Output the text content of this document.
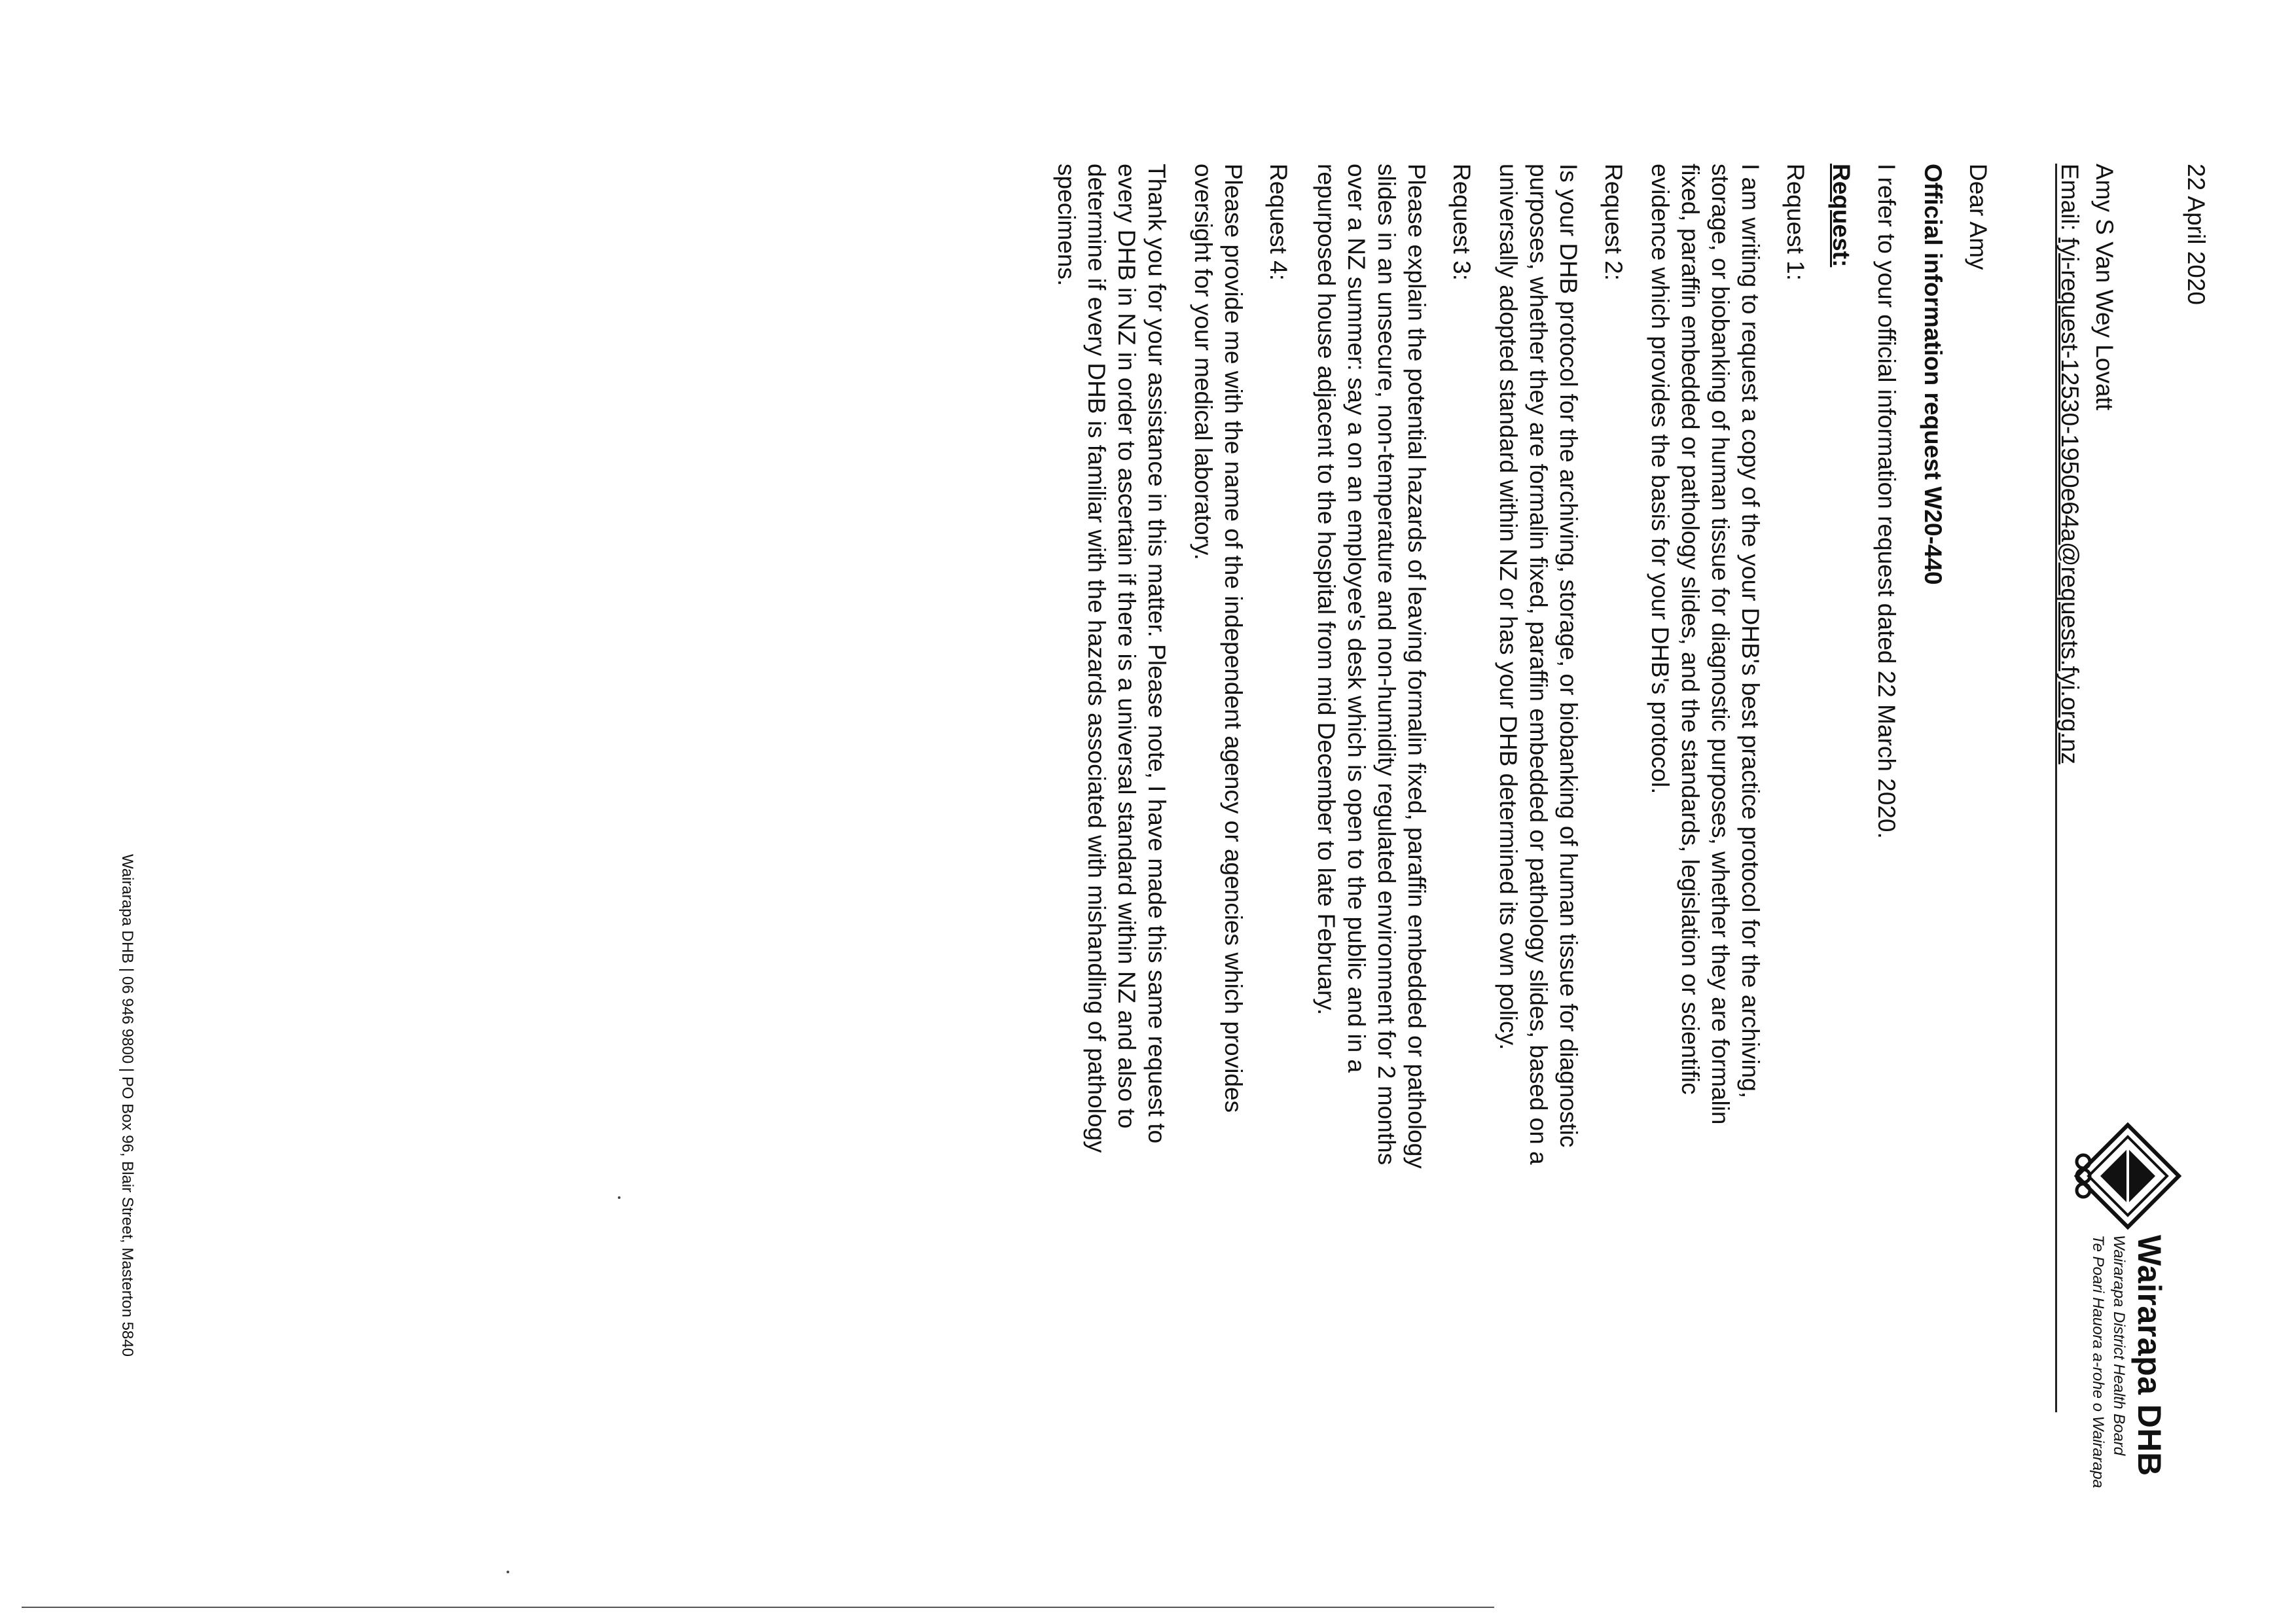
Wairarapa DHB
Wairarapa District Health Board
Te Poari Hauora a-rohe o Wairarapa
22 April 2020
Amy S Van Wey Lovatt
Email: fyi-request-12530-1950e64a@requests.fyi.org.nz
Dear Amy
Official information request W20-440
I refer to your official information request dated 22 March 2020.
Request:
Request 1:

I am writing to request a copy of the your DHB's best practice protocol for the archiving, storage, or biobanking of human tissue for diagnostic purposes, whether they are formalin fixed, paraffin embedded or pathology slides, and the standards, legislation or scientific evidence which provides the basis for your DHB's protocol.

Request 2:

Is your DHB protocol for the archiving, storage, or biobanking of human tissue for diagnostic purposes, whether they are formalin fixed, paraffin embedded or pathology slides, based on a universally adopted standard within NZ or has your DHB determined its own policy.

Request 3:

Please explain the potential hazards of leaving formalin fixed, paraffin embedded or pathology slides in an unsecure, non-temperature and non-humidity regulated environment for 2 months over a NZ summer: say a on an employee's desk which is open to the public and in a repurposed house adjacent to the hospital from mid December to late February.

Request 4:

Please provide me with the name of the independent agency or agencies which provides oversight for your medical laboratory.

Thank you for your assistance in this matter. Please note, I have made this same request to every DHB in NZ in order to ascertain if there is a universal standard within NZ and also to determine if every DHB is familiar with the hazards associated with mishandling of pathology specimens.

Wairarapa DHB | 06 946 9800 | PO Box 96, Blair Street, Masterton 5840
